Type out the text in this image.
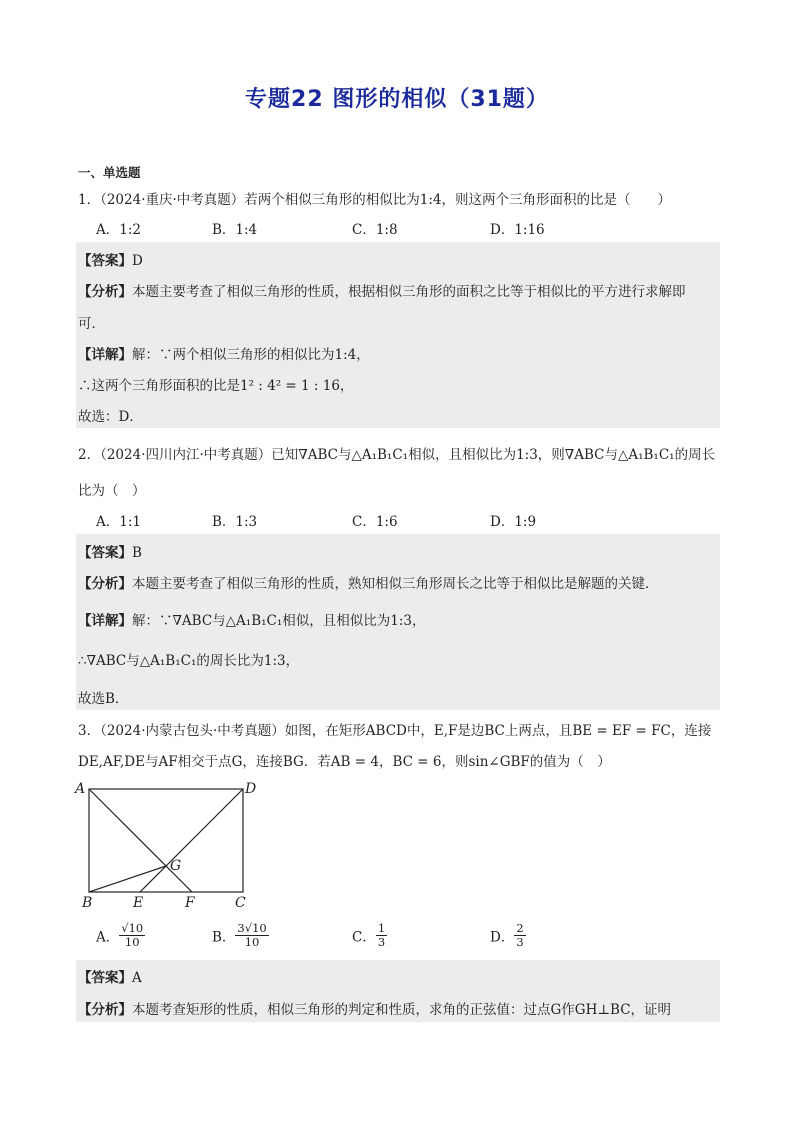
专题22 图形的相似（31题）
一、单选题
1．（2024·重庆·中考真题）若两个相似三角形的相似比为1:4，则这两个三角形面积的比是（　　）
A．1:2	B．1:4	C．1:8	D．1:16
【答案】D
【分析】本题主要考查了相似三角形的性质，根据相似三角形的面积之比等于相似比的平方进行求解即
可．
【详解】解：∵两个相似三角形的相似比为1:4，
∴这两个三角形面积的比是1² : 4² = 1 : 16，
故选：D．
2．（2024·四川内江·中考真题）已知∇ABC与△A₁B₁C₁相似，且相似比为1:3，则∇ABC与△A₁B₁C₁的周长
比为（　）
A．1:1	B．1:3	C．1:6	D．1:9
【答案】B
【分析】本题主要考查了相似三角形的性质，熟知相似三角形周长之比等于相似比是解题的关键．
【详解】解：∵∇ABC与△A₁B₁C₁相似，且相似比为1:3，
∴∇ABC与△A₁B₁C₁的周长比为1:3，
故选B．
3．（2024·内蒙古包头·中考真题）如图，在矩形ABCD中，E,F是边BC上两点，且BE = EF = FC，连接
DE,AF,DE与AF相交于点G，连接BG．若AB = 4，BC = 6，则sin∠GBF的值为（　）
A	D
G
B	E	F	C
A． $\frac{√10}{10}$	B． $\frac{3√10}{10}$	C． $\frac{1}{3}$	D． $\frac{2}{3}$
【答案】A
【分析】本题考查矩形的性质，相似三角形的判定和性质，求角的正弦值：过点G作GH⊥BC，证明
